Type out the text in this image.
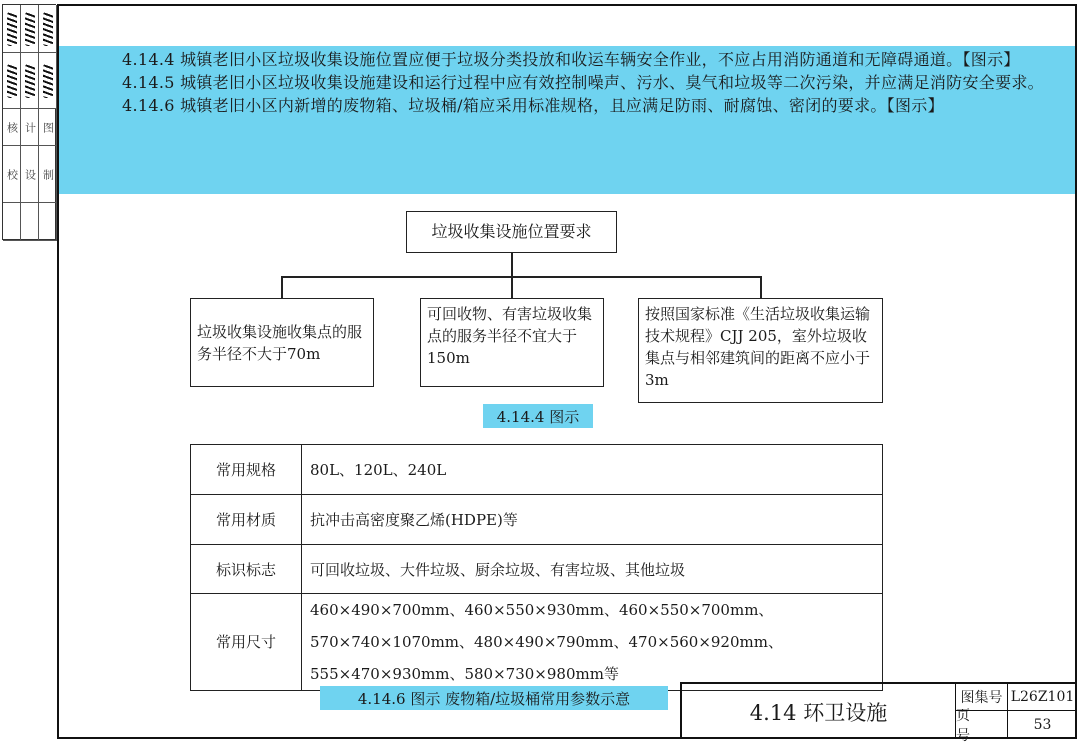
核 计 图
校 设 制

4.14.4 城镇老旧小区垃圾收集设施位置应便于垃圾分类投放和收运车辆安全作业，不应占用消防通道和无障碍通道。【图示】

4.14.5 城镇老旧小区垃圾收集设施建设和运行过程中应有效控制噪声、污水、臭气和垃圾等二次污染，并应满足消防安全要求。

4.14.6 城镇老旧小区内新增的废物箱、垃圾桶/箱应采用标准规格，且应满足防雨、耐腐蚀、密闭的要求。【图示】

垃圾收集设施位置要求
垃圾收集设施收集点的服务半径不大于70m
可回收物、有害垃圾收集点的服务半径不宜大于150m
按照国家标准《生活垃圾收集运输技术规程》CJJ 205，室外垃圾收集点与相邻建筑间的距离不应小于3m
4.14.4 图示
常用规格	80L、120L、240L
常用材质	抗冲击高密度聚乙烯(HDPE)等
标识标志	可回收垃圾、大件垃圾、厨余垃圾、有害垃圾、其他垃圾
常用尺寸	460×490×700mm、460×550×930mm、460×550×700mm、570×740×1070mm、480×490×790mm、470×560×920mm、555×470×930mm、580×730×980mm等
4.14.6 图示 废物箱/垃圾桶常用参数示意
4.14 环卫设施
图集号 L26Z101
页号
53
